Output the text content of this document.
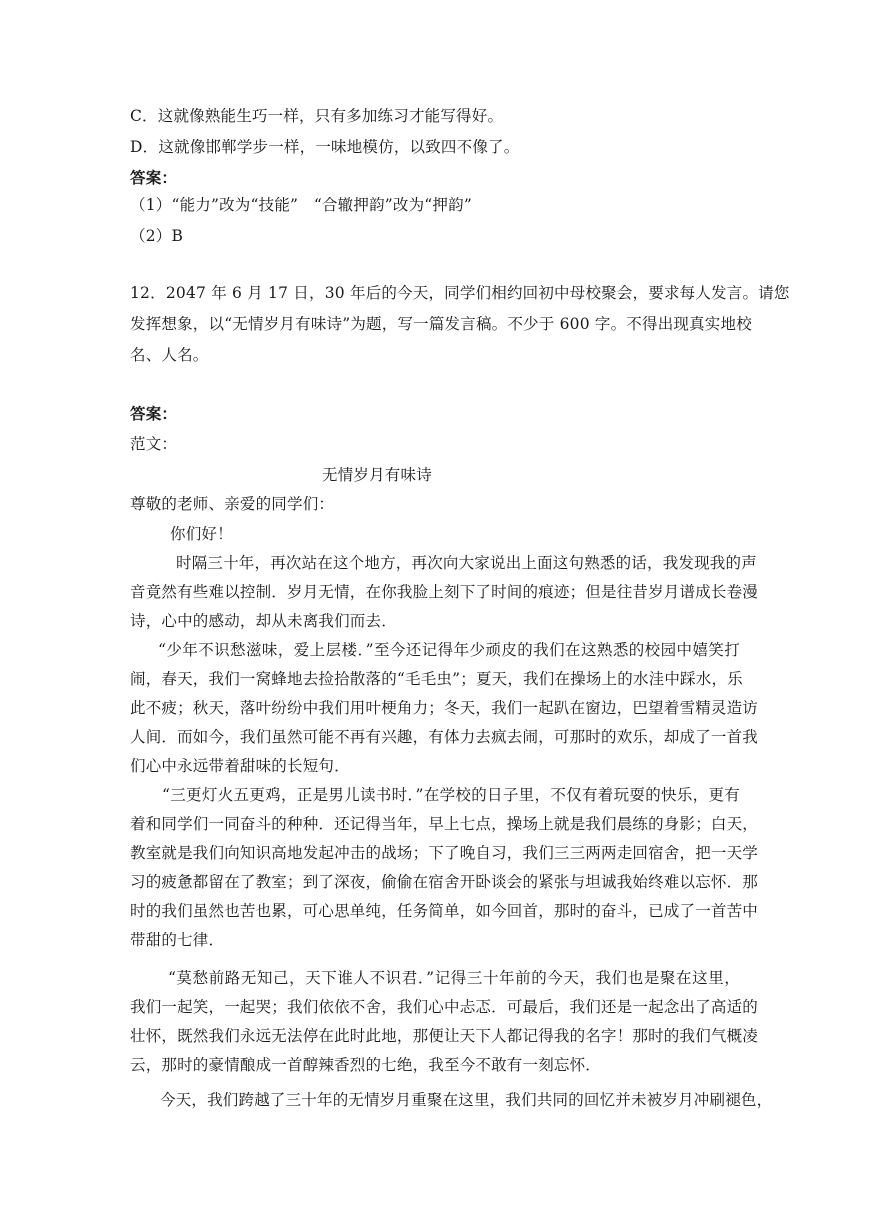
C．这就像熟能生巧一样，只有多加练习才能写得好。
D．这就像邯郸学步一样，一味地模仿，以致四不像了。
答案：
（1）“能力”改为“技能”　“合辙押韵”改为“押韵”
（2）B
12．2047 年 6 月 17 日，30 年后的今天，同学们相约回初中母校聚会，要求每人发言。请您
发挥想象，以“无情岁月有味诗”为题，写一篇发言稿。不少于 600 字。不得出现真实地校
名、人名。
答案：
范文：
无情岁月有味诗
尊敬的老师、亲爱的同学们：
你们好！
时隔三十年，再次站在这个地方，再次向大家说出上面这句熟悉的话，我发现我的声
音竟然有些难以控制．岁月无情，在你我脸上刻下了时间的痕迹；但是往昔岁月谱成长卷漫
诗，心中的感动，却从未离我们而去．
“少年不识愁滋味，爱上层楼．”至今还记得年少顽皮的我们在这熟悉的校园中嬉笑打
闹，春天，我们一窝蜂地去捡拾散落的“毛毛虫”；夏天，我们在操场上的水洼中踩水，乐
此不疲；秋天，落叶纷纷中我们用叶梗角力；冬天，我们一起趴在窗边，巴望着雪精灵造访
人间．而如今，我们虽然可能不再有兴趣，有体力去疯去闹，可那时的欢乐，却成了一首我
们心中永远带着甜味的长短句．
“三更灯火五更鸡，正是男儿读书时．”在学校的日子里，不仅有着玩耍的快乐，更有
着和同学们一同奋斗的种种．还记得当年，早上七点，操场上就是我们晨练的身影；白天，
教室就是我们向知识高地发起冲击的战场；下了晚自习，我们三三两两走回宿舍，把一天学
习的疲惫都留在了教室；到了深夜，偷偷在宿舍开卧谈会的紧张与坦诚我始终难以忘怀．那
时的我们虽然也苦也累，可心思单纯，任务简单，如今回首，那时的奋斗，已成了一首苦中
带甜的七律．
“莫愁前路无知己，天下谁人不识君．”记得三十年前的今天，我们也是聚在这里，
我们一起笑，一起哭；我们依依不舍，我们心中忐忑．可最后，我们还是一起念出了高适的
壮怀，既然我们永远无法停在此时此地，那便让天下人都记得我的名字！那时的我们气概凌
云，那时的豪情酿成一首醇辣香烈的七绝，我至今不敢有一刻忘怀．
今天，我们跨越了三十年的无情岁月重聚在这里，我们共同的回忆并未被岁月冲刷褪色，
